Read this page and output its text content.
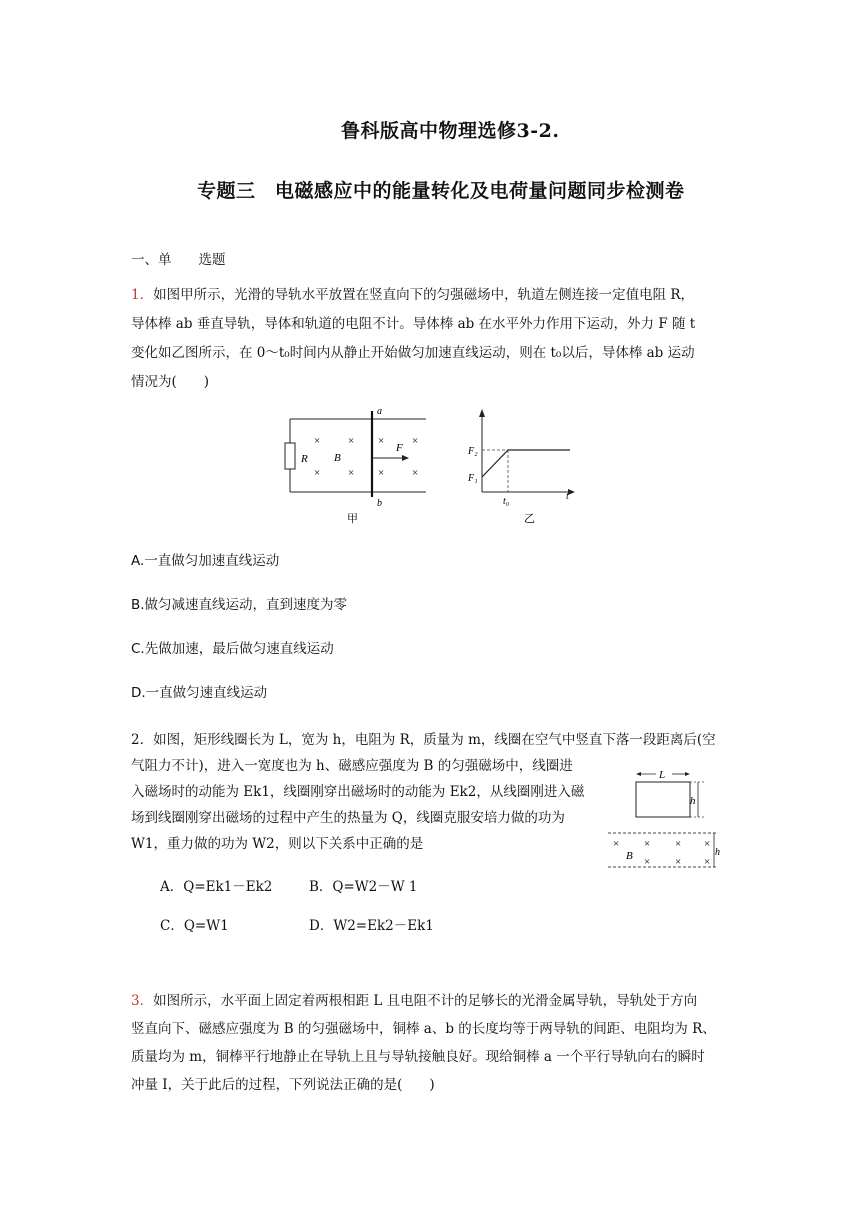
鲁科版高中物理选修3-2.
专题三　电磁感应中的能量转化及电荷量问题同步检测卷
一、单　　选题
1．如图甲所示，光滑的导轨水平放置在竖直向下的匀强磁场中，轨道左侧连接一定值电阻 R，
导体棒 ab 垂直导轨，导体和轨道的电阻不计。导体棒 ab 在水平外力作用下运动，外力 F 随 t
变化如乙图所示，在 0～t₀时间内从静止开始做匀加速直线运动，则在 t₀以后，导体棒 ab 运动
情况为(　　)
a
b
R B
F
×	× ×	×
×	× ×	×
甲
F₂
F₁
t₀	t
乙
A.一直做匀加速直线运动
B.做匀减速直线运动，直到速度为零
C.先做加速，最后做匀速直线运动
D.一直做匀速直线运动
2．如图，矩形线圈长为 L，宽为 h，电阻为 R，质量为 m，线圈在空气中竖直下落一段距离后(空
气阻力不计)，进入一宽度也为 h、磁感应强度为 B 的匀强磁场中，线圈进
入磁场时的动能为 Ek1，线圈刚穿出磁场时的动能为 Ek2，从线圈刚进入磁
场到线圈刚穿出磁场的过程中产生的热量为 Q，线圈克服安培力做的功为
W1，重力做的功为 W2，则以下关系中正确的是
L
h
h
B
× × × ×
× × ×
A．Q=Ek1－Ek2	B．Q=W2－W 1
C．Q=W1	D．W2=Ek2－Ek1
3．如图所示，水平面上固定着两根相距 L 且电阻不计的足够长的光滑金属导轨，导轨处于方向
竖直向下、磁感应强度为 B 的匀强磁场中，铜棒 a、b 的长度均等于两导轨的间距、电阻均为 R、
质量均为 m，铜棒平行地静止在导轨上且与导轨接触良好。现给铜棒 a 一个平行导轨向右的瞬时
冲量 I，关于此后的过程，下列说法正确的是(　　)
